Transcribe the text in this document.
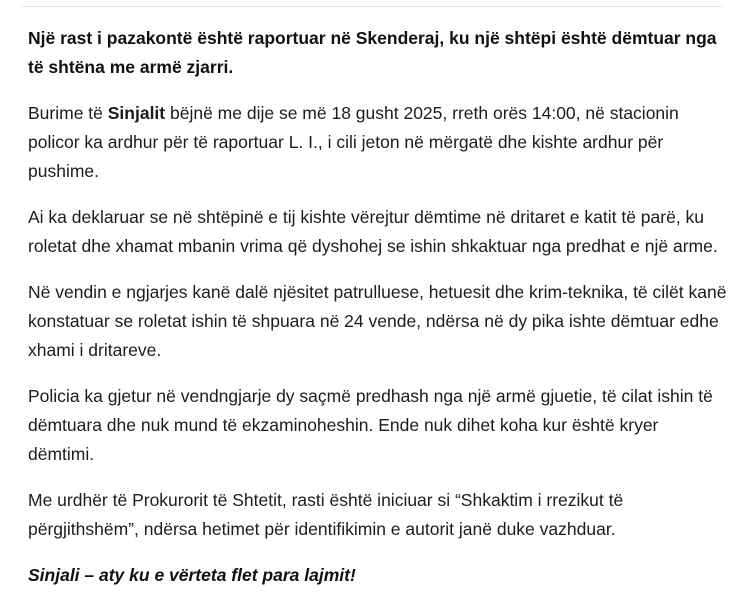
Një rast i pazakontë është raportuar në Skenderaj, ku një shtëpi është dëmtuar nga të shtëna me armë zjarri.

Burime të Sinjalit bëjnë me dije se më 18 gusht 2025, rreth orës 14:00, në stacionin policor ka ardhur për të raportuar L. I., i cili jeton në mërgatë dhe kishte ardhur për pushime.

Ai ka deklaruar se në shtëpinë e tij kishte vërejtur dëmtime në dritaret e katit të parë, ku roletat dhe xhamat mbanin vrima që dyshohej se ishin shkaktuar nga predhat e një arme.

Në vendin e ngjarjes kanë dalë njësitet patrulluese, hetuesit dhe krim-teknika, të cilët kanë konstatuar se roletat ishin të shpuara në 24 vende, ndërsa në dy pika ishte dëmtuar edhe xhami i dritareve.

Policia ka gjetur në vendngjarje dy saçmë predhash nga një armë gjuetie, të cilat ishin të dëmtuara dhe nuk mund të ekzaminoheshin. Ende nuk dihet koha kur është kryer dëmtimi.

Me urdhër të Prokurorit të Shtetit, rasti është iniciuar si “Shkaktim i rrezikut të përgjithshëm”, ndërsa hetimet për identifikimin e autorit janë duke vazhduar.

Sinjali – aty ku e vërteta flet para lajmit!
